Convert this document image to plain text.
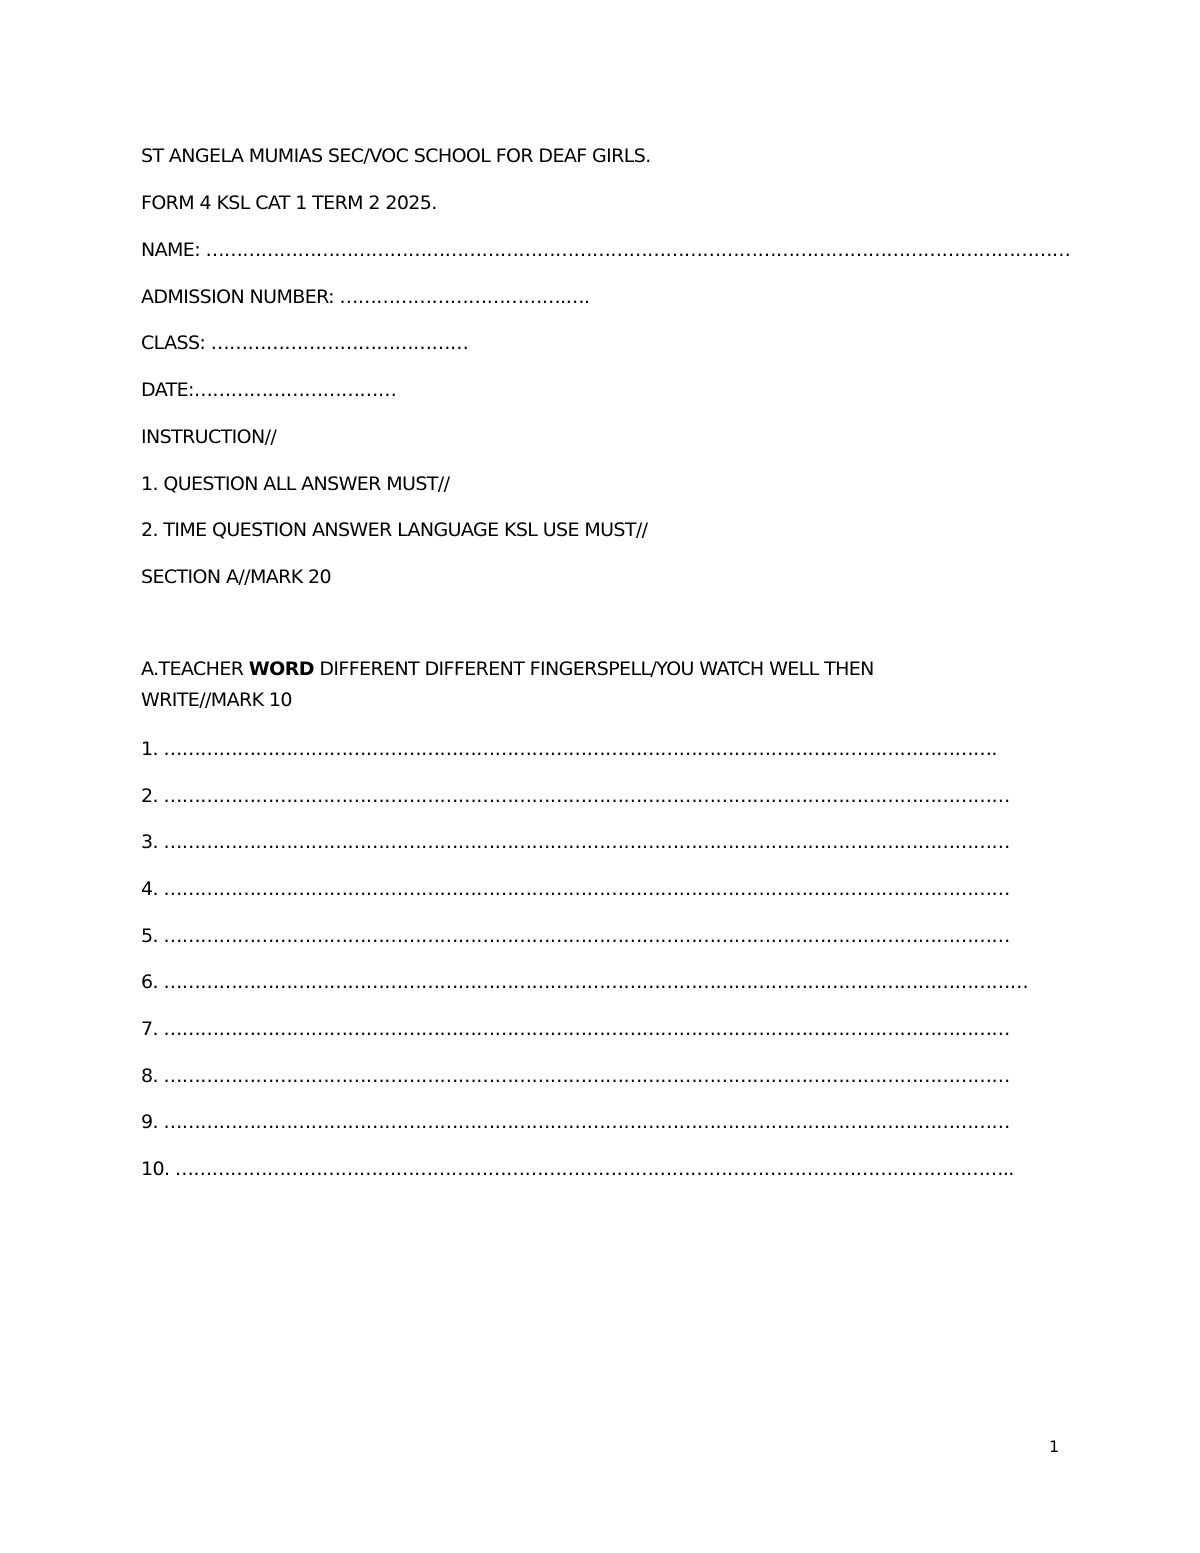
ST ANGELA MUMIAS SEC/VOC SCHOOL FOR DEAF GIRLS.
FORM 4 KSL CAT 1 TERM 2 2025.
NAME: ……………………………………………………………………………………………………………………………
ADMISSION NUMBER: ……………………………….….
CLASS: ……………………………………
DATE:……………………………
INSTRUCTION//
1. QUESTION ALL ANSWER MUST//
2. TIME QUESTION ANSWER LANGUAGE KSL USE MUST//
SECTION A//MARK 20
A.TEACHER WORD DIFFERENT DIFFERENT FINGERSPELL/YOU WATCH WELL THEN WRITE//MARK 10
1. ……………………………………………………………………………………………………………………….
2. …………………………………………………………………………………………………………………………
3. …………………………………………………………………………………………………………………………
4. …………………………………………………………………………………………………………………………
5. …………………………………………………………………………………………………………………………
6. ……………………………………………………………………………………………………………………………
7. …………………………………………………………………………………………………………………………
8. …………………………………………………………………………………………………………………………
9. …………………………………………………………………………………………………………………………
10. ………………………………………………………………………………………………………………………..
1
